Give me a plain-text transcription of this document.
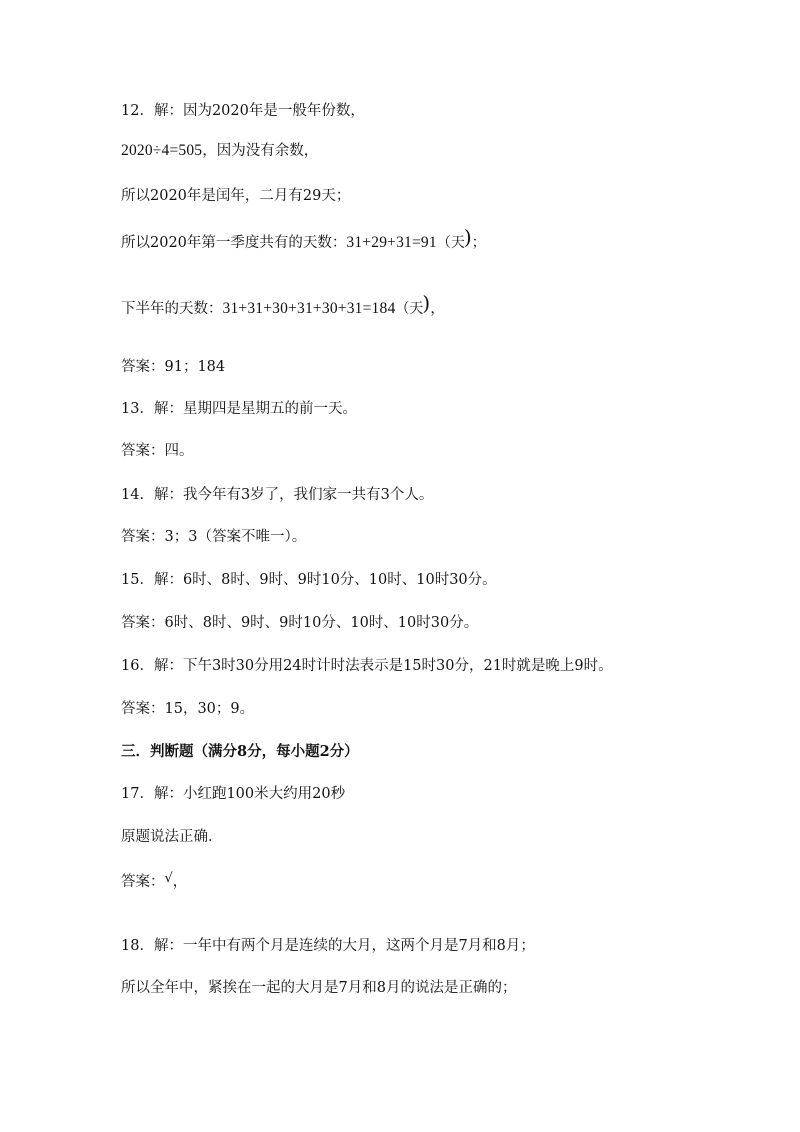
12．解：因为2020年是一般年份数，
2020÷4=505，因为没有余数，
所以2020年是闰年，二月有29天；
所以2020年第一季度共有的天数：31+29+31=91（天)；
下半年的天数：31+31+30+31+30+31=184（天)，
答案：91；184
13．解：星期四是星期五的前一天。
答案：四。
14．解：我今年有3岁了，我们家一共有3个人。
答案：3；3（答案不唯一）。
15．解：6时、8时、9时、9时10分、10时、10时30分。
答案：6时、8时、9时、9时10分、10时、10时30分。
16．解：下午3时30分用24时计时法表示是15时30分，21时就是晚上9时。
答案：15，30；9。
三．判断题（满分8分，每小题2分）
17．解：小红跑100米大约用20秒
原题说法正确．
答案：√，
18．解：一年中有两个月是连续的大月，这两个月是7月和8月；
所以全年中，紧挨在一起的大月是7月和8月的说法是正确的；
